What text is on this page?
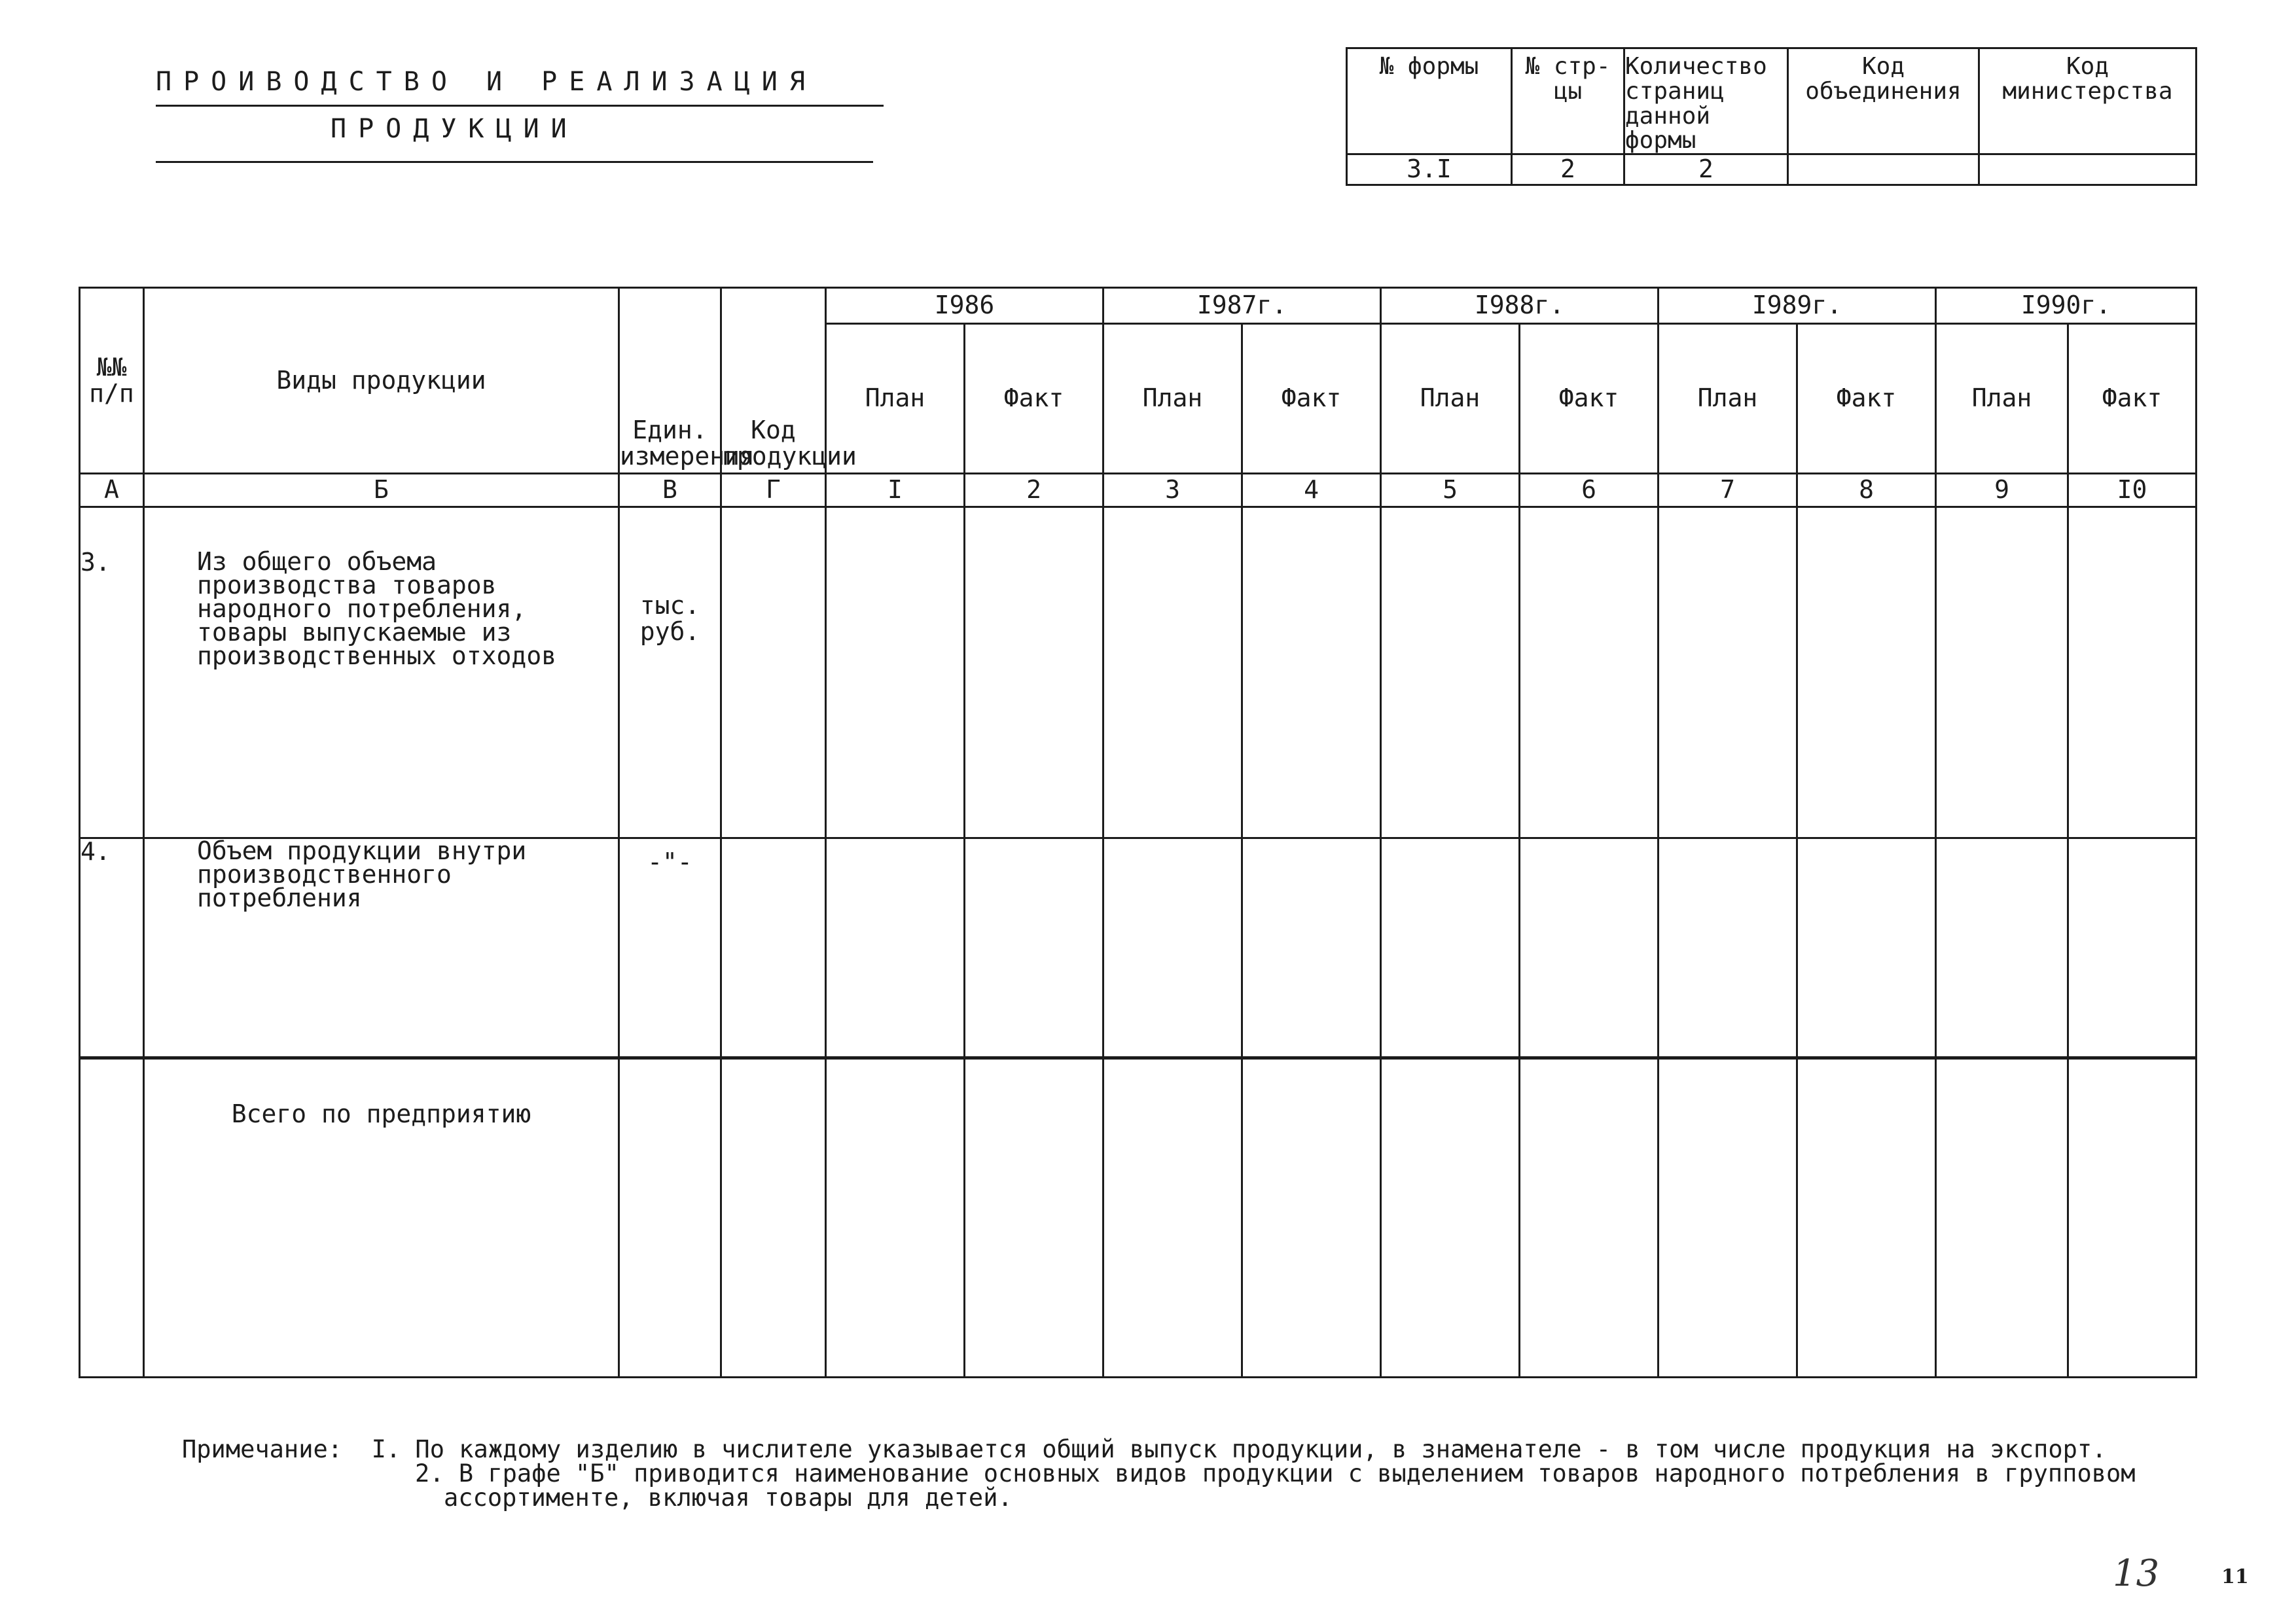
ПРОИВОДСТВО И РЕАЛИЗАЦИЯ
ПРОДУКЦИИ
№ формы	№ стр-цы	Количество страниц данной формы	Код объединения	Код министерства
3.I	2	2		
№№ п/п	Виды продукции	Един. измерения	Код продукции	I986		I987г.		I988г.		I989г.		I990г.	
				План	Факт	План	Факт	План	Факт	План	Факт	План	Факт
А	Б	В	Г	I	2	3	4	5	6	7	8	9	I0
3.	Из общего объема производства товаров народного потребления, товары выпускаемые из производственных отходов	тыс. руб.											
4.	Объем продукции внутри производственного потребления	-"-											
	Всего по предприятию												
Примечание: I. По каждому изделию в числителе указывается общий выпуск продукции, в знаменателе - в том числе продукция на экспорт.
2. В графе "Б" приводится наименование основных видов продукции с выделением товаров народного потребления в групповом
ассортименте, включая товары для детей.
13	11
